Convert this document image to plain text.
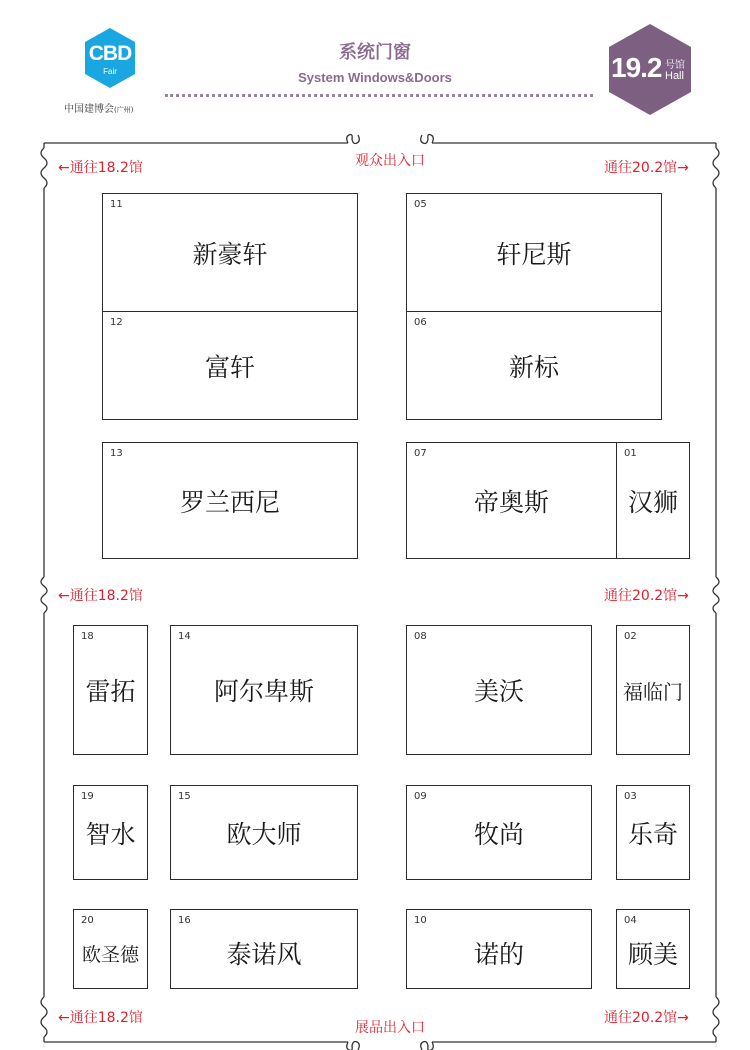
CBD
Fair
中国建博会(广州)
系统门窗
System Windows&Doors	19.2 号馆
Hall
观众出入口
展品出入口
←通往18.2馆	通往20.2馆→
←通往18.2馆	通往20.2馆→
←通往18.2馆	通往20.2馆→
11
新豪轩
12
富轩
05
轩尼斯
06
新标
13
罗兰西尼
07
帝奥斯
01
汉狮
18
雷拓
14
阿尔卑斯
08
美沃
02
福临门
19
智水
15
欧大师
09
牧尚
03
乐奇
20
欧圣德
16
泰诺风
10
诺的
04
顾美
